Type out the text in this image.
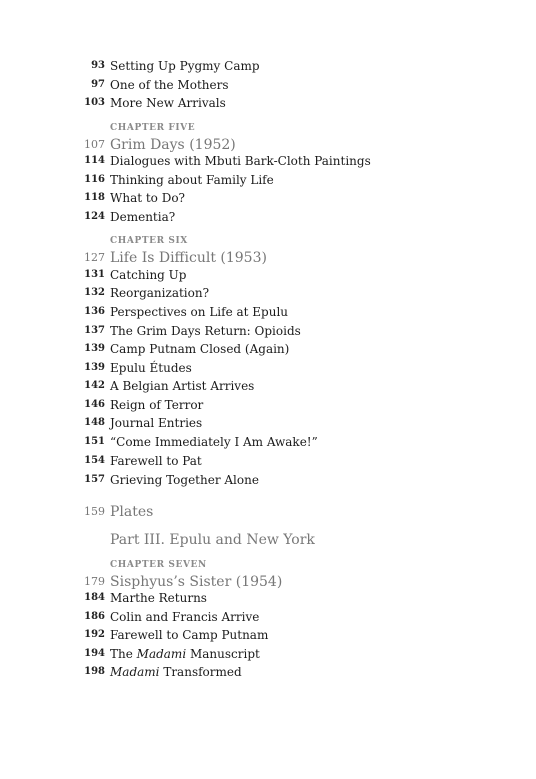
93 Setting Up Pygmy Camp
97 One of the Mothers
103 More New Arrivals
CHAPTER FIVE
107 Grim Days (1952)
114 Dialogues with Mbuti Bark-Cloth Paintings
116 Thinking about Family Life
118 What to Do?
124 Dementia?
CHAPTER SIX
127 Life Is Difficult (1953)
131 Catching Up
132 Reorganization?
136 Perspectives on Life at Epulu
137 The Grim Days Return: Opioids
139 Camp Putnam Closed (Again)
139 Epulu Études
142 A Belgian Artist Arrives
146 Reign of Terror
148 Journal Entries
151 “Come Immediately I Am Awake!”
154 Farewell to Pat
157 Grieving Together Alone
159 Plates
Part III. Epulu and New York
CHAPTER SEVEN
179 Sisphyus’s Sister (1954)
184 Marthe Returns
186 Colin and Francis Arrive
192 Farewell to Camp Putnam
194 The Madami Manuscript
198 Madami Transformed
